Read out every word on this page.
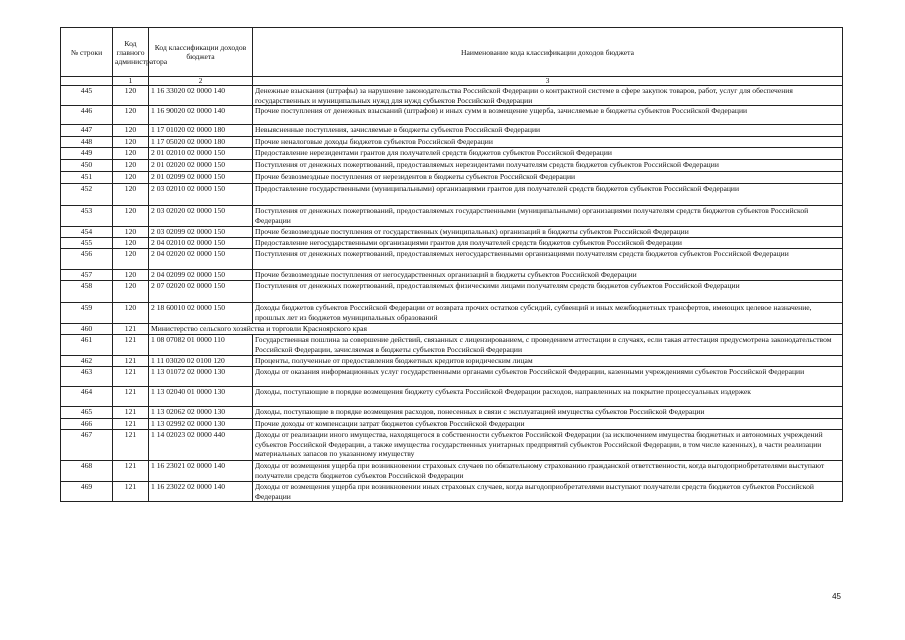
№ строки	Код главного администратора	Код классификации доходов бюджета	Наименование кода классификации доходов бюджета
	1	2	3
445	120	1 16 33020 02 0000 140	Денежные взыскания (штрафы) за нарушение законодательства Российской Федерации о контрактной системе в сфере закупок товаров, работ, услуг для обеспечения государственных и муниципальных нужд для нужд субъектов Российской Федерации
446	120	1 16 90020 02 0000 140	Прочие поступления от денежных взысканий (штрафов) и иных сумм в возмещение ущерба, зачисляемые в бюджеты субъектов Российской Федерации
447	120	1 17 01020 02 0000 180	Невыясненные поступления, зачисляемые в бюджеты субъектов Российской Федерации
448	120	1 17 05020 02 0000 180	Прочие неналоговые доходы бюджетов субъектов Российской Федерации
449	120	2 01 02010 02 0000 150	Предоставление нерезидентами грантов для получателей средств бюджетов субъектов Российской Федерации
450	120	2 01 02020 02 0000 150	Поступления от денежных пожертвований, предоставляемых нерезидентами получателям средств бюджетов субъектов Российской Федерации
451	120	2 01 02099 02 0000 150	Прочие безвозмездные поступления от нерезидентов в бюджеты субъектов Российской Федерации
452	120	2 03 02010 02 0000 150	Предоставление государственными (муниципальными) организациями грантов для получателей средств бюджетов субъектов Российской Федерации
453	120	2 03 02020 02 0000 150	Поступления от денежных пожертвований, предоставляемых государственными (муниципальными) организациями получателям средств бюджетов субъектов Российской Федерации
454	120	2 03 02099 02 0000 150	Прочие безвозмездные поступления от государственных (муниципальных) организаций в бюджеты субъектов Российской Федерации
455	120	2 04 02010 02 0000 150	Предоставление негосударственными организациями грантов для получателей средств бюджетов субъектов Российской Федерации
456	120	2 04 02020 02 0000 150	Поступления от денежных пожертвований, предоставляемых негосударственными организациями получателям средств бюджетов субъектов Российской Федерации
457	120	2 04 02099 02 0000 150	Прочие безвозмездные поступления от негосударственных организаций в бюджеты субъектов Российской Федерации
458	120	2 07 02020 02 0000 150	Поступления от денежных пожертвований, предоставляемых физическими лицами получателям средств бюджетов субъектов Российской Федерации
459	120	2 18 60010 02 0000 150	Доходы бюджетов субъектов Российской Федерации от возврата прочих остатков субсидий, субвенций и иных межбюджетных трансфертов, имеющих целевое назначение, прошлых лет из бюджетов муниципальных образований
460	121	Министерство сельского хозяйства и торговли Красноярского края	
461	121	1 08 07082 01 0000 110	Государственная пошлина за совершение действий, связанных с лицензированием, с проведением аттестации в случаях, если такая аттестация предусмотрена законодательством Российской Федерации, зачисляемая в бюджеты субъектов Российской Федерации
462	121	1 11 03020 02 0100 120	Проценты, полученные от предоставления бюджетных кредитов юридическим лицам
463	121	1 13 01072 02 0000 130	Доходы от оказания информационных услуг государственными органами субъектов Российской Федерации, казенными учреждениями субъектов Российской Федерации
464	121	1 13 02040 01 0000 130	Доходы, поступающие в порядке возмещения бюджету субъекта Российской Федерации расходов, направленных на покрытие процессуальных издержек
465	121	1 13 02062 02 0000 130	Доходы, поступающие в порядке возмещения расходов, понесенных в связи с эксплуатацией имущества субъектов Российской Федерации
466	121	1 13 02992 02 0000 130	Прочие доходы от компенсации затрат бюджетов субъектов Российской Федерации
467	121	1 14 02023 02 0000 440	Доходы от реализации иного имущества, находящегося в собственности субъектов Российской Федерации (за исключением имущества бюджетных и автономных учреждений субъектов Российской Федерации, а также имущества государственных унитарных предприятий субъектов Российской Федерации, в том числе казенных), в части реализации материальных запасов по указанному имуществу
468	121	1 16 23021 02 0000 140	Доходы от возмещения ущерба при возникновении страховых случаев по обязательному страхованию гражданской ответственности, когда выгодоприобретателями выступают получатели средств бюджетов субъектов Российской Федерации
469	121	1 16 23022 02 0000 140	Доходы от возмещения ущерба при возникновении иных страховых случаев, когда выгодоприобретателями выступают получатели средств бюджетов субъектов Российской Федерации
45
